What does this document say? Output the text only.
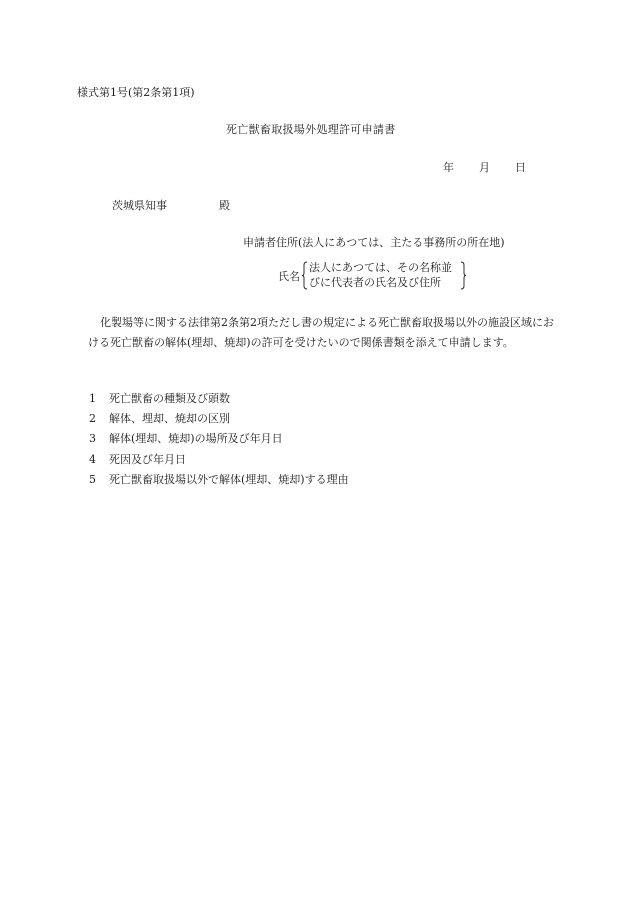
様式第1号(第2条第1項)
死亡獣畜取扱場外処理許可申請書
年 月 日
茨城県知事	殿
申請者住所(法人にあつては、主たる事務所の所在地)
氏名
法人にあつては、その名称並
びに代表者の氏名及び住所
化製場等に関する法律第2条第2項ただし書の規定による死亡獣畜取扱場以外の施設区域における死亡獣畜の解体(埋却、焼却)の許可を受けたいので関係書類を添えて申請します。
1 死亡獣畜の種類及び頭数
2 解体、埋却、焼却の区別
3 解体(埋却、焼却)の場所及び年月日
4 死因及び年月日
5 死亡獣畜取扱場以外で解体(埋却、焼却)する理由
